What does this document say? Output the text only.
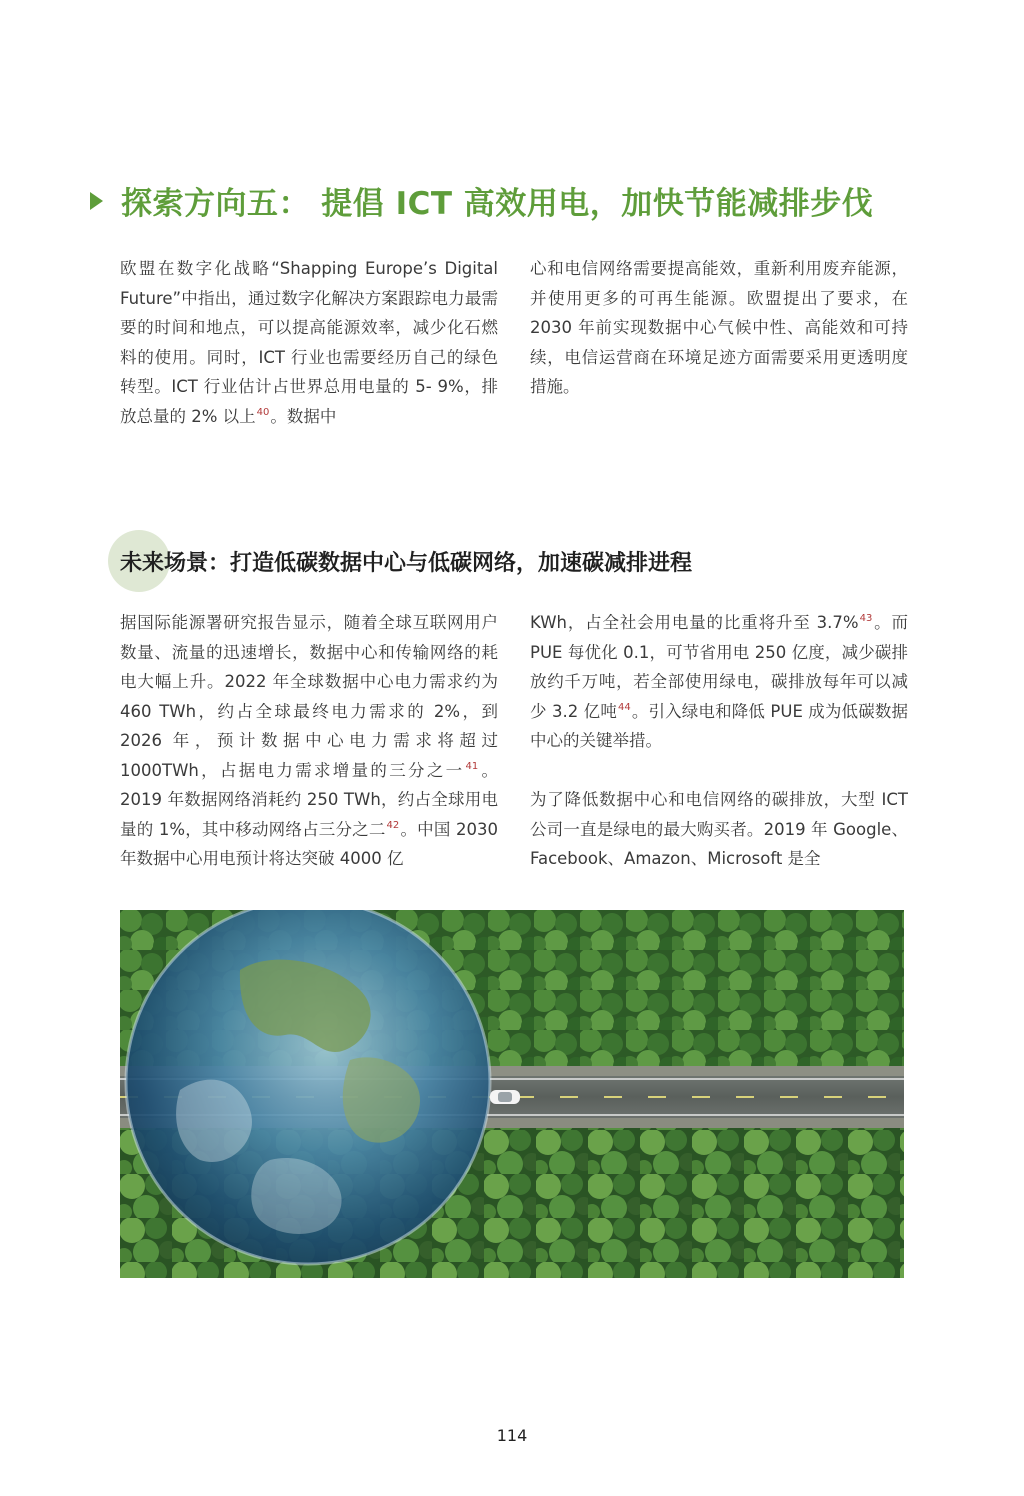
探索方向五： 提倡 ICT 高效用电，加快节能减排步伐

欧盟在数字化战略“Shapping Europe’s Digital Future”中指出，通过数字化解决方案跟踪电力最需要的时间和地点，可以提高能源效率，减少化石燃料的使用。同时，ICT 行业也需要经历自己的绿色转型。ICT 行业估计占世界总用电量的 5- 9%，排放总量的 2% 以上$^{40}$。数据中

心和电信网络需要提高能效，重新利用废弃能源，并使用更多的可再生能源。欧盟提出了要求，在 2030 年前实现数据中心气候中性、高能效和可持续，电信运营商在环境足迹方面需要采用更透明度措施。

未来场景：打造低碳数据中心与低碳网络，加速碳减排进程

据国际能源署研究报告显示，随着全球互联网用户数量、流量的迅速增长，数据中心和传输网络的耗电大幅上升。2022 年全球数据中心电力需求约为 460 TWh，约占全球最终电力需求的 2%，到 2026 年，预计数据中心电力需求将超过 1000TWh，占据电力需求增量的三分之一$^{41}$。2019 年数据网络消耗约 250 TWh，约占全球用电量的 1%，其中移动网络占三分之二$^{42}$。中国 2030 年数据中心用电预计将达突破 4000 亿

KWh，占全社会用电量的比重将升至 3.7%$^{43}$。而 PUE 每优化 0.1，可节省用电 250 亿度，减少碳排放约千万吨，若全部使用绿电，碳排放每年可以减少 3.2 亿吨$^{44}$。引入绿电和降低 PUE 成为低碳数据中心的关键举措。

为了降低数据中心和电信网络的碳排放，大型 ICT 公司一直是绿电的最大购买者。2019 年 Google、Facebook、Amazon、Microsoft 是全

114
